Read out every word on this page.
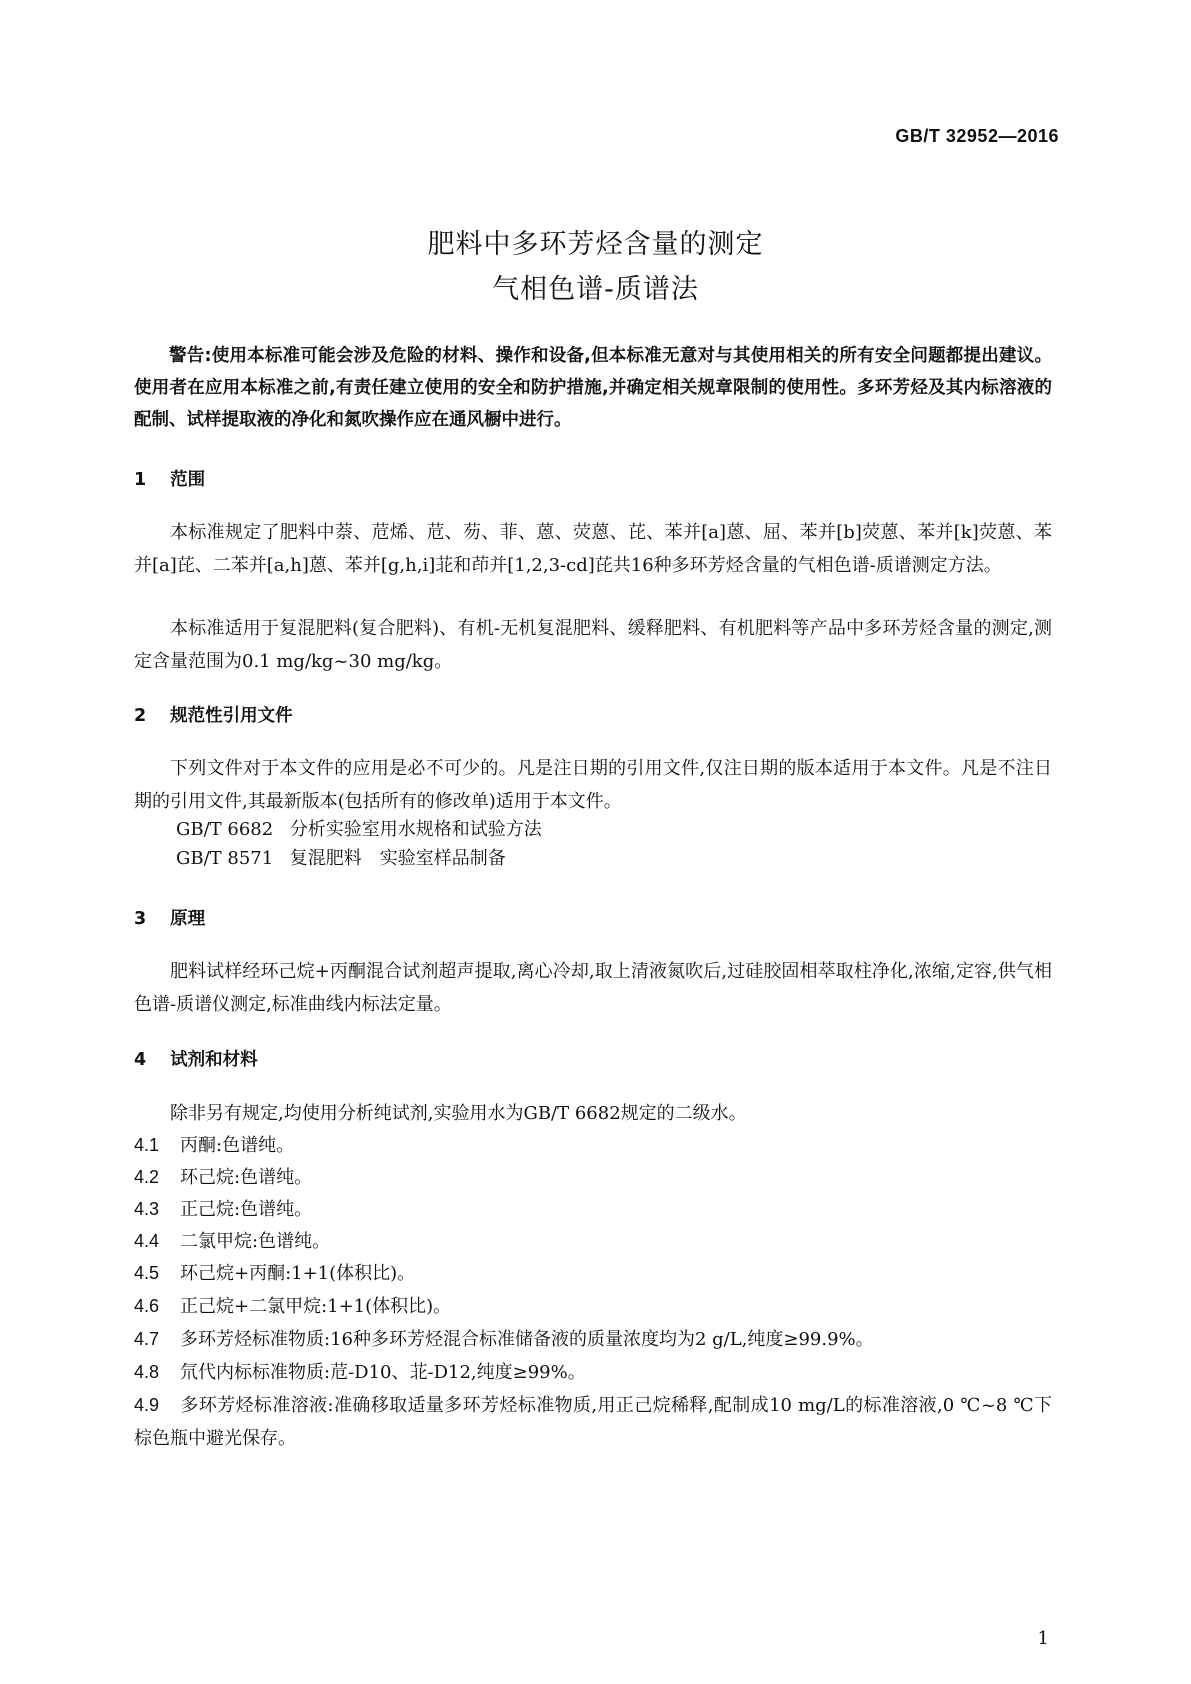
GB/T 32952—2016
肥料中多环芳烃含量的测定
气相色谱-质谱法
警告:使用本标准可能会涉及危险的材料、操作和设备,但本标准无意对与其使用相关的所有安全问题都提出建议。使用者在应用本标准之前,有责任建立使用的安全和防护措施,并确定相关规章限制的使用性。多环芳烃及其内标溶液的配制、试样提取液的净化和氮吹操作应在通风橱中进行。
1 范围
本标准规定了肥料中萘、苊烯、苊、芴、菲、蒽、荧蒽、芘、苯并[a]蒽、屈、苯并[b]荧蒽、苯并[k]荧蒽、苯并[a]芘、二苯并[a,h]蒽、苯并[g,h,i]苝和茚并[1,2,3-cd]芘共16种多环芳烃含量的气相色谱-质谱测定方法。
本标准适用于复混肥料(复合肥料)、有机-无机复混肥料、缓释肥料、有机肥料等产品中多环芳烃含量的测定,测定含量范围为0.1 mg/kg~30 mg/kg。
2 规范性引用文件
下列文件对于本文件的应用是必不可少的。凡是注日期的引用文件,仅注日期的版本适用于本文件。凡是不注日期的引用文件,其最新版本(包括所有的修改单)适用于本文件。
GB/T 6682 分析实验室用水规格和试验方法
GB/T 8571 复混肥料　实验室样品制备
3 原理
肥料试样经环己烷+丙酮混合试剂超声提取,离心冷却,取上清液氮吹后,过硅胶固相萃取柱净化,浓缩,定容,供气相色谱-质谱仪测定,标准曲线内标法定量。
4 试剂和材料
除非另有规定,均使用分析纯试剂,实验用水为GB/T 6682规定的二级水。
4.1 丙酮:色谱纯。
4.2 环己烷:色谱纯。
4.3 正己烷:色谱纯。
4.4 二氯甲烷:色谱纯。
4.5 环己烷+丙酮:1+1(体积比)。
4.6 正己烷+二氯甲烷:1+1(体积比)。
4.7 多环芳烃标准物质:16种多环芳烃混合标准储备液的质量浓度均为2 g/L,纯度≥99.9%。
4.8 氘代内标标准物质:苊-D10、苝-D12,纯度≥99%。
4.9 多环芳烃标准溶液:准确移取适量多环芳烃标准物质,用正己烷稀释,配制成10 mg/L的标准溶液,0 ℃~8 ℃下棕色瓶中避光保存。
1
